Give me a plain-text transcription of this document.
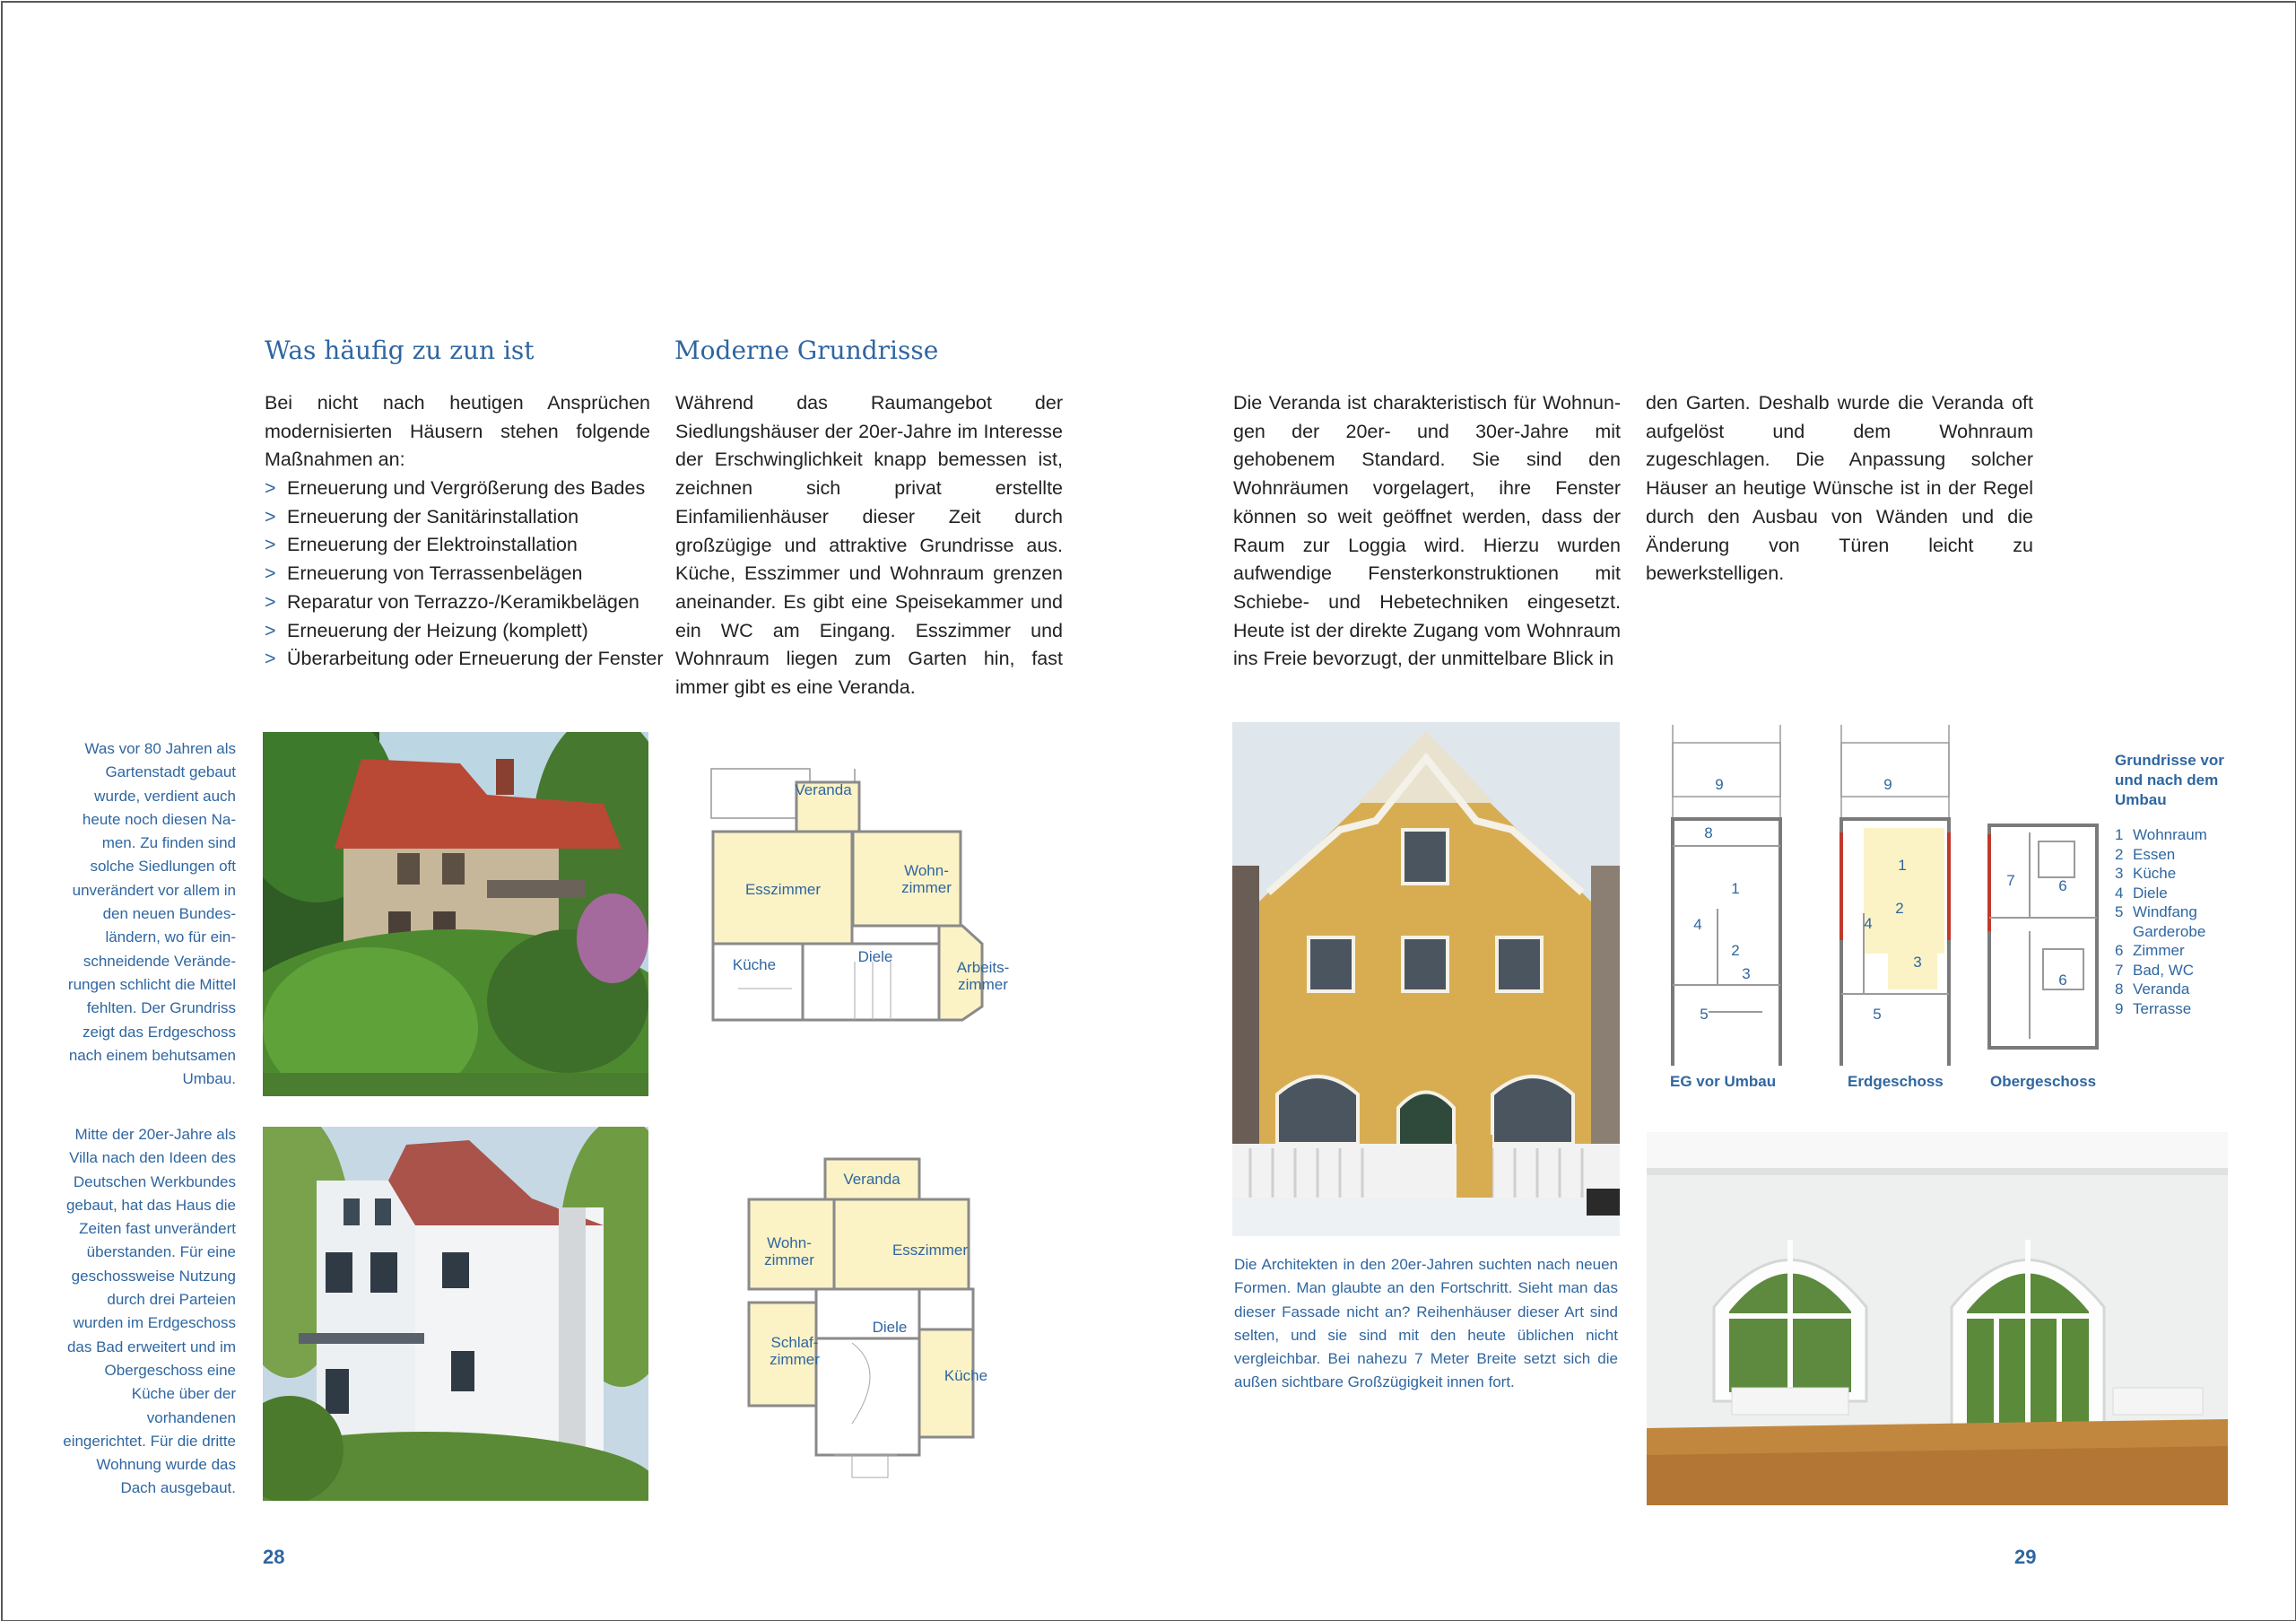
Was häufig zu zun ist	Moderne Grundrisse

Bei nicht nach heutigen Ansprüchen modernisierten Häusern stehen folgende Maßnahmen an:

> Erneuerung und Vergrößerung des Bades
> Erneuerung der Sanitärinstallation
> Erneuerung der Elektroinstallation
> Erneuerung von Terrassenbelägen
> Reparatur von Terrazzo-/Keramikbelägen
> Erneuerung der Heizung (komplett)
> Überarbeitung oder Erneuerung der Fenster

Während das Raumangebot der Siedlungshäuser der 20er-Jahre im Interesse der Erschwinglichkeit knapp bemessen ist, zeichnen sich privat erstellte Einfamilienhäuser dieser Zeit durch großzügige und attraktive Grundrisse aus. Küche, Esszimmer und Wohnraum grenzen aneinander. Es gibt eine Speisekammer und ein WC am Eingang. Esszimmer und Wohnraum liegen zum Garten hin, fast immer gibt es eine Veranda.

Was vor 80 Jahren als Gartenstadt gebaut wurde, verdient auch heute noch diesen Namen. Zu finden sind solche Siedlungen oft unverändert vor allem in den neuen Bundesländern, wo für einschneidende Veränderungen schlicht die Mittel fehlten. Der Grundriss zeigt das Erdgeschoss nach einem behutsamen Umbau.

Mitte der 20er-Jahre als Villa nach den Ideen des Deutschen Werkbundes gebaut, hat das Haus die Zeiten fast unverändert überstanden. Für eine geschossweise Nutzung durch drei Parteien wurden im Erdgeschoss das Bad erweitert und im Obergeschoss eine Küche über der vorhandenen eingerichtet. Für die dritte Wohnung wurde das Dach ausgebaut.

Veranda
Esszimmer
Wohn-
zimmer
Küche	Diele
Arbeits-
zimmer
Veranda
Wohn-
zimmer
Esszimmer
Diele
Schlaf-
zimmer
Küche
28

Die Veranda ist charakteristisch für Wohnungen der 20er- und 30er-Jahre mit gehobenem Standard. Sie sind den Wohnräumen vorgelagert, ihre Fenster können so weit geöffnet werden, dass der Raum zur Loggia wird. Hierzu wurden aufwendige Fensterkonstruktionen mit Schiebe- und Hebetechniken eingesetzt. Heute ist der direkte Zugang vom Wohnraum ins Freie bevorzugt, der unmittelbare Blick in

den Garten. Deshalb wurde die Veranda oft aufgelöst und dem Wohnraum zugeschlagen. Die Anpassung solcher Häuser an heutige Wünsche ist in der Regel durch den Ausbau von Wänden und die Änderung von Türen leicht zu bewerkstelligen.

Die Architekten in den 20er-Jahren suchten nach neuen Formen. Man glaubte an den Fortschritt. Sieht man das dieser Fassade nicht an? Reihenhäuser dieser Art sind selten, und sie sind mit den heute üblichen nicht vergleichbar. Bei nahezu 7 Meter Breite setzt sich die außen sichtbare Großzügigkeit innen fort.

9
8
1
4
2
3
5
9
1
2
4
3
5
7	6
6
EG vor Umbau	Erdgeschoss	Obergeschoss

Grundrisse vor und nach dem Umbau

1 Wohnraum
2 Essen
3 Küche
4 Diele
5 Windfang
Garderobe
6 Zimmer
7 Bad, WC
8 Veranda
9 Terrasse
29
